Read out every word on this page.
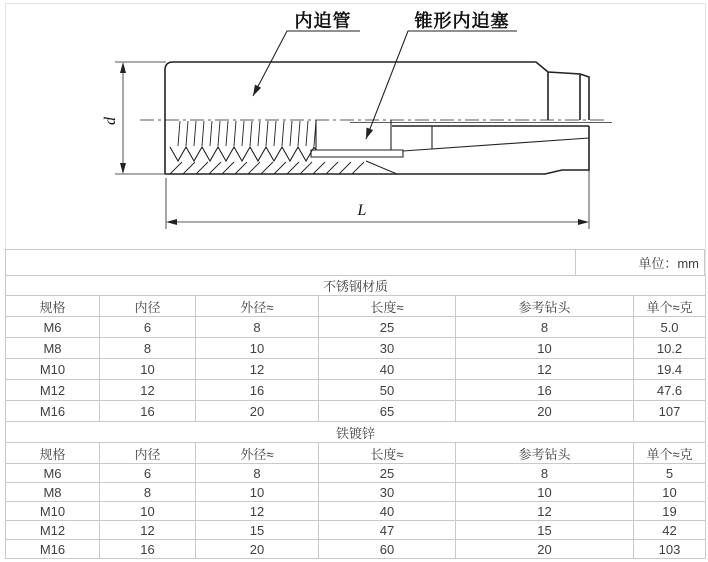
d
L
内迫管	锥形内迫塞
单位：mm
不锈钢材质					
规格	内径	外径≈	长度≈	参考钻头	单个≈克
M6	6	8	25	8	5.0
M8	8	10	30	10	10.2
M10	10	12	40	12	19.4
M12	12	16	50	16	47.6
M16	16	20	65	20	107
铁镀锌					
规格	内径	外径≈	长度≈	参考钻头	单个≈克
M6	6	8	25	8	5
M8	8	10	30	10	10
M10	10	12	40	12	19
M12	12	15	47	15	42
M16	16	20	60	20	103
